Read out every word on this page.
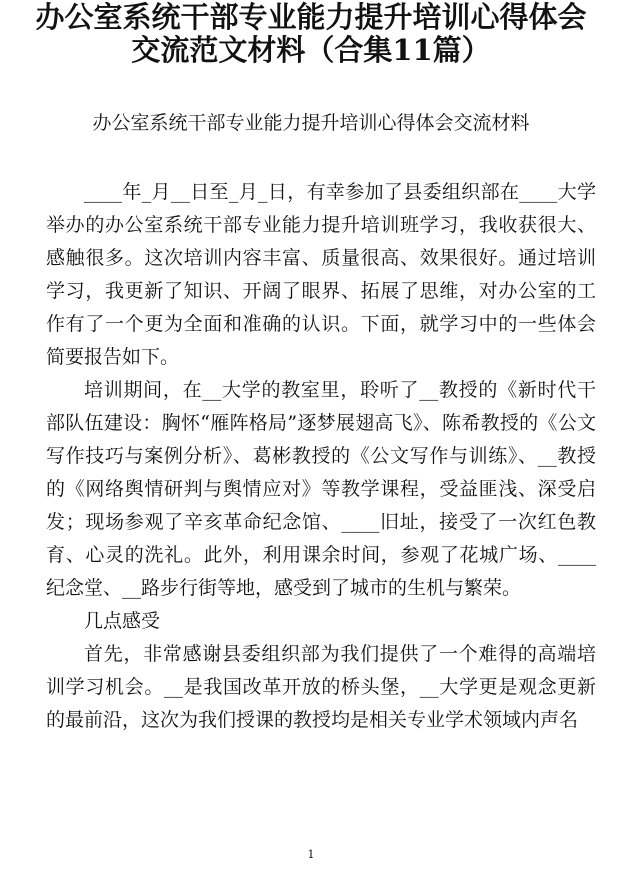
办公室系统干部专业能力提升培训心得体会
交流范文材料（合集11篇）
办公室系统干部专业能力提升培训心得体会交流材料

____年_月__日至_月_日，有幸参加了县委组织部在____大学举办的办公室系统干部专业能力提升培训班学习，我收获很大、感触很多。这次培训内容丰富、质量很高、效果很好。通过培训学习，我更新了知识、开阔了眼界、拓展了思维，对办公室的工作有了一个更为全面和准确的认识。下面，就学习中的一些体会简要报告如下。

培训期间，在__大学的教室里，聆听了__教授的《新时代干部队伍建设：胸怀“雁阵格局”逐梦展翅高飞》、陈希教授的《公文写作技巧与案例分析》、葛彬教授的《公文写作与训练》、__教授的《网络舆情研判与舆情应对》等教学课程，受益匪浅、深受启发；现场参观了辛亥革命纪念馆、____旧址，接受了一次红色教育、心灵的洗礼。此外，利用课余时间，参观了花城广场、____纪念堂、__路步行街等地，感受到了城市的生机与繁荣。

几点感受

首先，非常感谢县委组织部为我们提供了一个难得的高端培训学习机会。__是我国改革开放的桥头堡，__大学更是观念更新的最前沿，这次为我们授课的教授均是相关专业学术领域内声名

1
